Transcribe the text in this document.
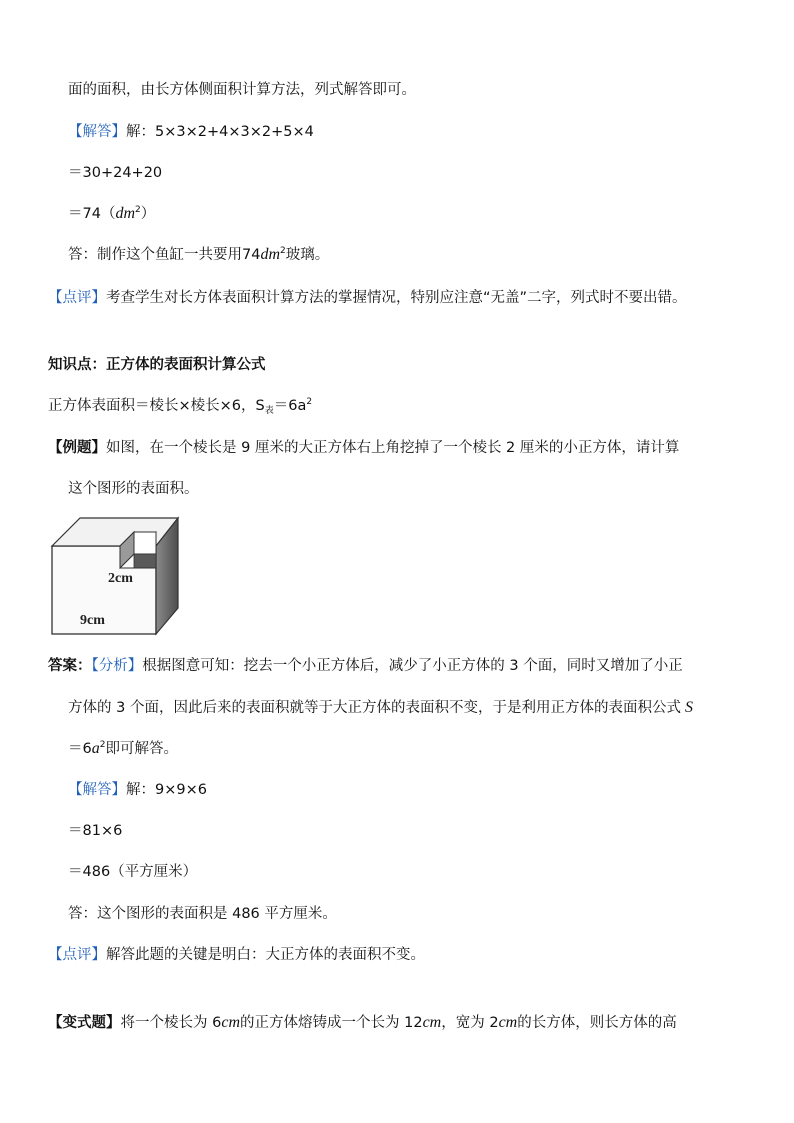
面的面积，由长方体侧面积计算方法，列式解答即可。
【解答】解：5×3×2+4×3×2+5×4
＝30+24+20
$=74(dm^2)$
答：制作这个鱼缸一共要用$74dm^2$玻璃。
【点评】考查学生对长方体表面积计算方法的掌握情况，特别应注意“无盖”二字，列式时不要出错。
知识点：正方体的表面积计算公式
正方体表面积＝棱长×棱长×6，$S_表=6a^2$
【例题】如图，在一个棱长是 9 厘米的大正方体右上角挖掉了一个棱长 2 厘米的小正方体，请计算
这个图形的表面积。
2cm
9cm
答案：【分析】根据图意可知：挖去一个小正方体后，减少了小正方体的 3 个面，同时又增加了小正
方体的 3 个面，因此后来的表面积就等于大正方体的表面积不变，于是利用正方体的表面积公式 S
$=6a^2$即可解答。
【解答】解：9×9×6
＝81×6
＝486（平方厘米）
答：这个图形的表面积是 486 平方厘米。
【点评】解答此题的关键是明白：大正方体的表面积不变。
【变式题】将一个棱长为 6cm的正方体熔铸成一个长为 12cm，宽为 2cm的长方体，则长方体的高
